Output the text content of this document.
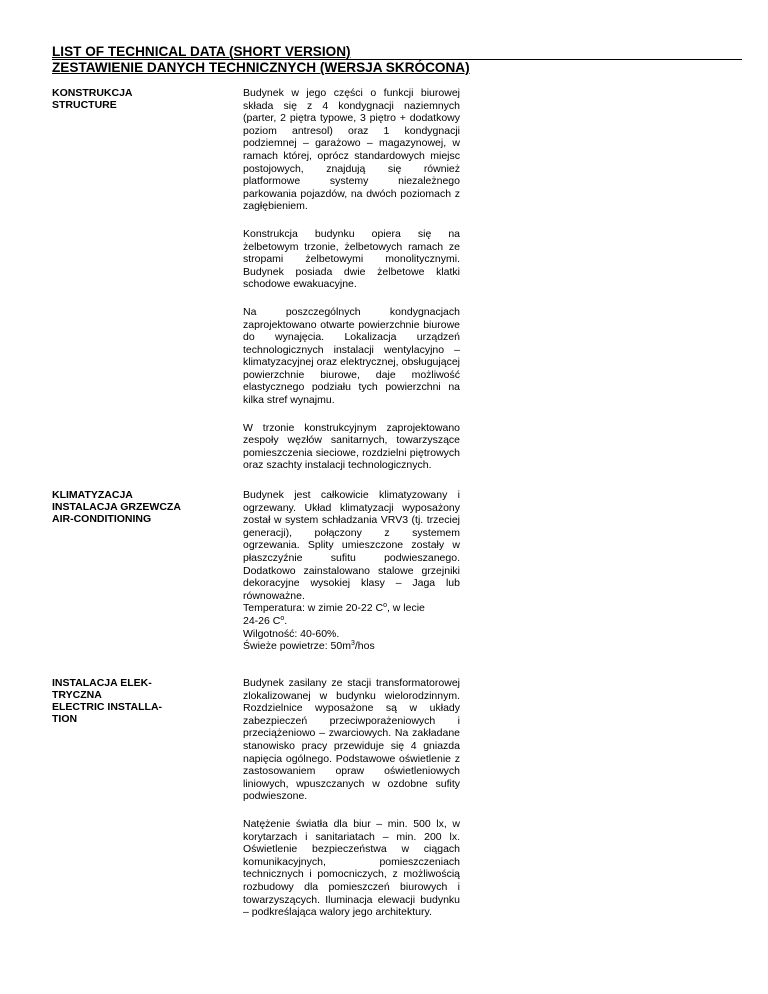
LIST OF TECHNICAL DATA (SHORT VERSION)
ZESTAWIENIE DANYCH TECHNICZNYCH (WERSJA SKRÓCONA)
KONSTRUKCJA
STRUCTURE

Budynek w jego części o funkcji biurowej składa się z 4 kondygnacji naziemnych (parter, 2 piętra typowe, 3 piętro + dodatkowy poziom antresol) oraz 1 kondygnacji podziemnej – garażowo – magazynowej, w ramach której, oprócz standardowych miejsc postojowych, znajdują się również platformowe systemy niezależnego parkowania pojazdów, na dwóch poziomach z zagłębieniem.

Konstrukcja budynku opiera się na żelbetowym trzonie, żelbetowych ramach ze stropami żelbetowymi monolitycznymi. Budynek posiada dwie żelbetowe klatki schodowe ewakuacyjne.

Na poszczególnych kondygnacjach zaprojektowano otwarte powierzchnie biurowe do wynajęcia. Lokalizacja urządzeń technologicznych instalacji wentylacyjno – klimatyzacyjnej oraz elektrycznej, obsługującej powierzchnie biurowe, daje możliwość elastycznego podziału tych powierzchni na kilka stref wynajmu.

W trzonie konstrukcyjnym zaprojektowano zespoły węzłów sanitarnych, towarzyszące pomieszczenia sieciowe, rozdzielni piętrowych oraz szachty instalacji technologicznych.

KLIMATYZACJA
INSTALACJA GRZEWCZA
AIR-CONDITIONING

Budynek jest całkowicie klimatyzowany i ogrzewany. Układ klimatyzacji wyposażony został w system schładzania VRV3 (tj. trzeciej generacji), połączony z systemem ogrzewania. Splity umieszczone zostały w płaszczyźnie sufitu podwieszanego. Dodatkowo zainstalowano stalowe grzejniki dekoracyjne wysokiej klasy – Jaga lub równoważne.
Temperatura: w zimie 20-22 $C^o$, w lecie
24-26 $C^o$.
Wilgotność: 40-60%.
Świeże powietrze: $50m^3$/hos

INSTALACJA ELEK-
TRYCZNA
ELECTRIC INSTALLA-
TION

Budynek zasilany ze stacji transformatorowej zlokalizowanej w budynku wielorodzinnym. Rozdzielnice wyposażone są w układy zabezpieczeń przeciwporażeniowych i przeciążeniowo – zwarciowych. Na zakładane stanowisko pracy przewiduje się 4 gniazda napięcia ogólnego. Podstawowe oświetlenie z zastosowaniem opraw oświetleniowych liniowych, wpuszczanych w ozdobne sufity podwieszone.

Natężenie światła dla biur – min. 500 lx, w korytarzach i sanitariatach – min. 200 lx. Oświetlenie bezpieczeństwa w ciągach komunikacyjnych, pomieszczeniach technicznych i pomocniczych, z możliwością rozbudowy dla pomieszczeń biurowych i towarzyszących. Iluminacja elewacji budynku – podkreślająca walory jego architektury.
